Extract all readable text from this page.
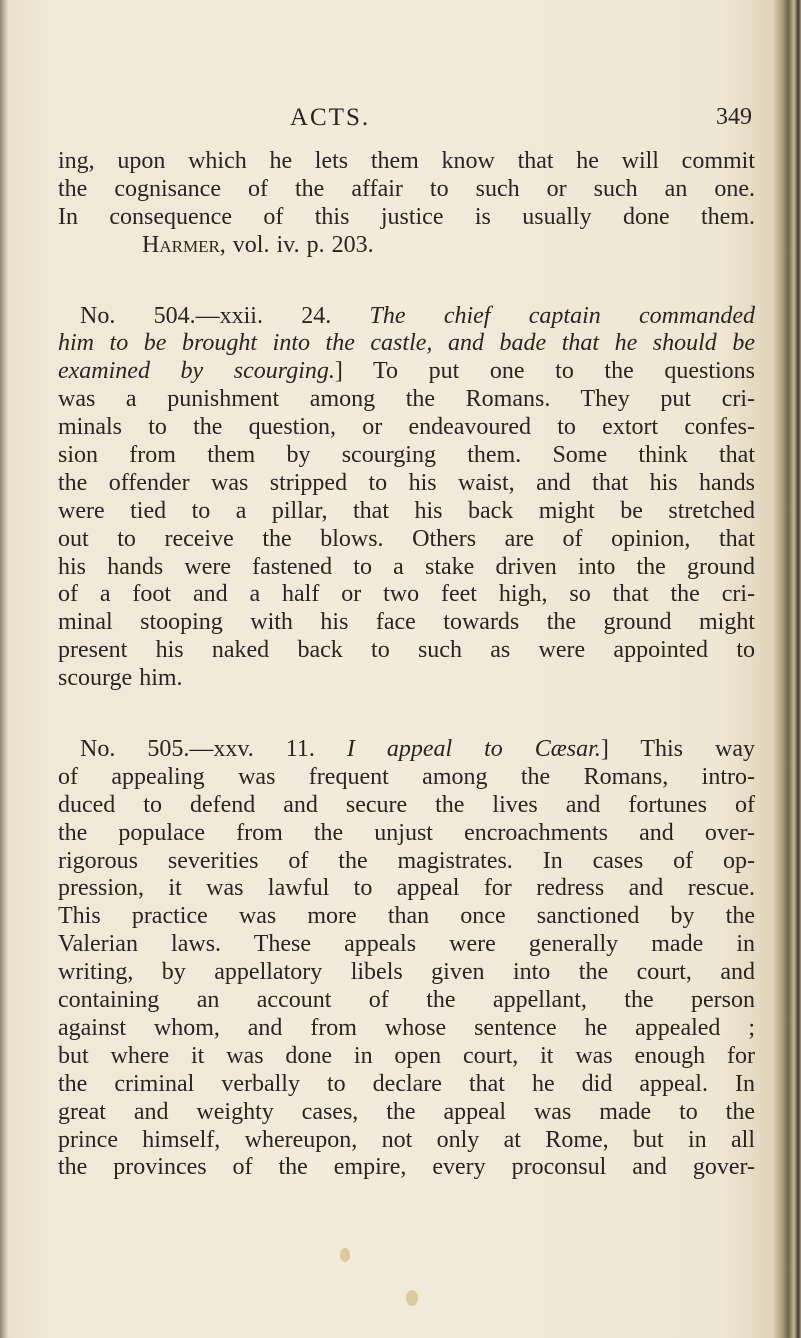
ACTS.	349
ing, upon which he lets them know that he will commit
the cognisance of the affair to such or such an one.
In consequence of this justice is usually done them.
Harmer, vol. iv. p. 203.
No. 504.—xxii. 24. The chief captain commanded
him to be brought into the castle, and bade that he should be
examined by scourging.] To put one to the questions
was a punishment among the Romans. They put cri-
minals to the question, or endeavoured to extort confes-
sion from them by scourging them. Some think that
the offender was stripped to his waist, and that his hands
were tied to a pillar, that his back might be stretched
out to receive the blows. Others are of opinion, that
his hands were fastened to a stake driven into the ground
of a foot and a half or two feet high, so that the cri-
minal stooping with his face towards the ground might
present his naked back to such as were appointed to
scourge him.
No. 505.—xxv. 11. I appeal to Cæsar.] This way
of appealing was frequent among the Romans, intro-
duced to defend and secure the lives and fortunes of
the populace from the unjust encroachments and over-
rigorous severities of the magistrates. In cases of op-
pression, it was lawful to appeal for redress and rescue.
This practice was more than once sanctioned by the
Valerian laws. These appeals were generally made in
writing, by appellatory libels given into the court, and
containing an account of the appellant, the person
against whom, and from whose sentence he appealed ;
but where it was done in open court, it was enough for
the criminal verbally to declare that he did appeal. In
great and weighty cases, the appeal was made to the
prince himself, whereupon, not only at Rome, but in all
the provinces of the empire, every proconsul and gover-
